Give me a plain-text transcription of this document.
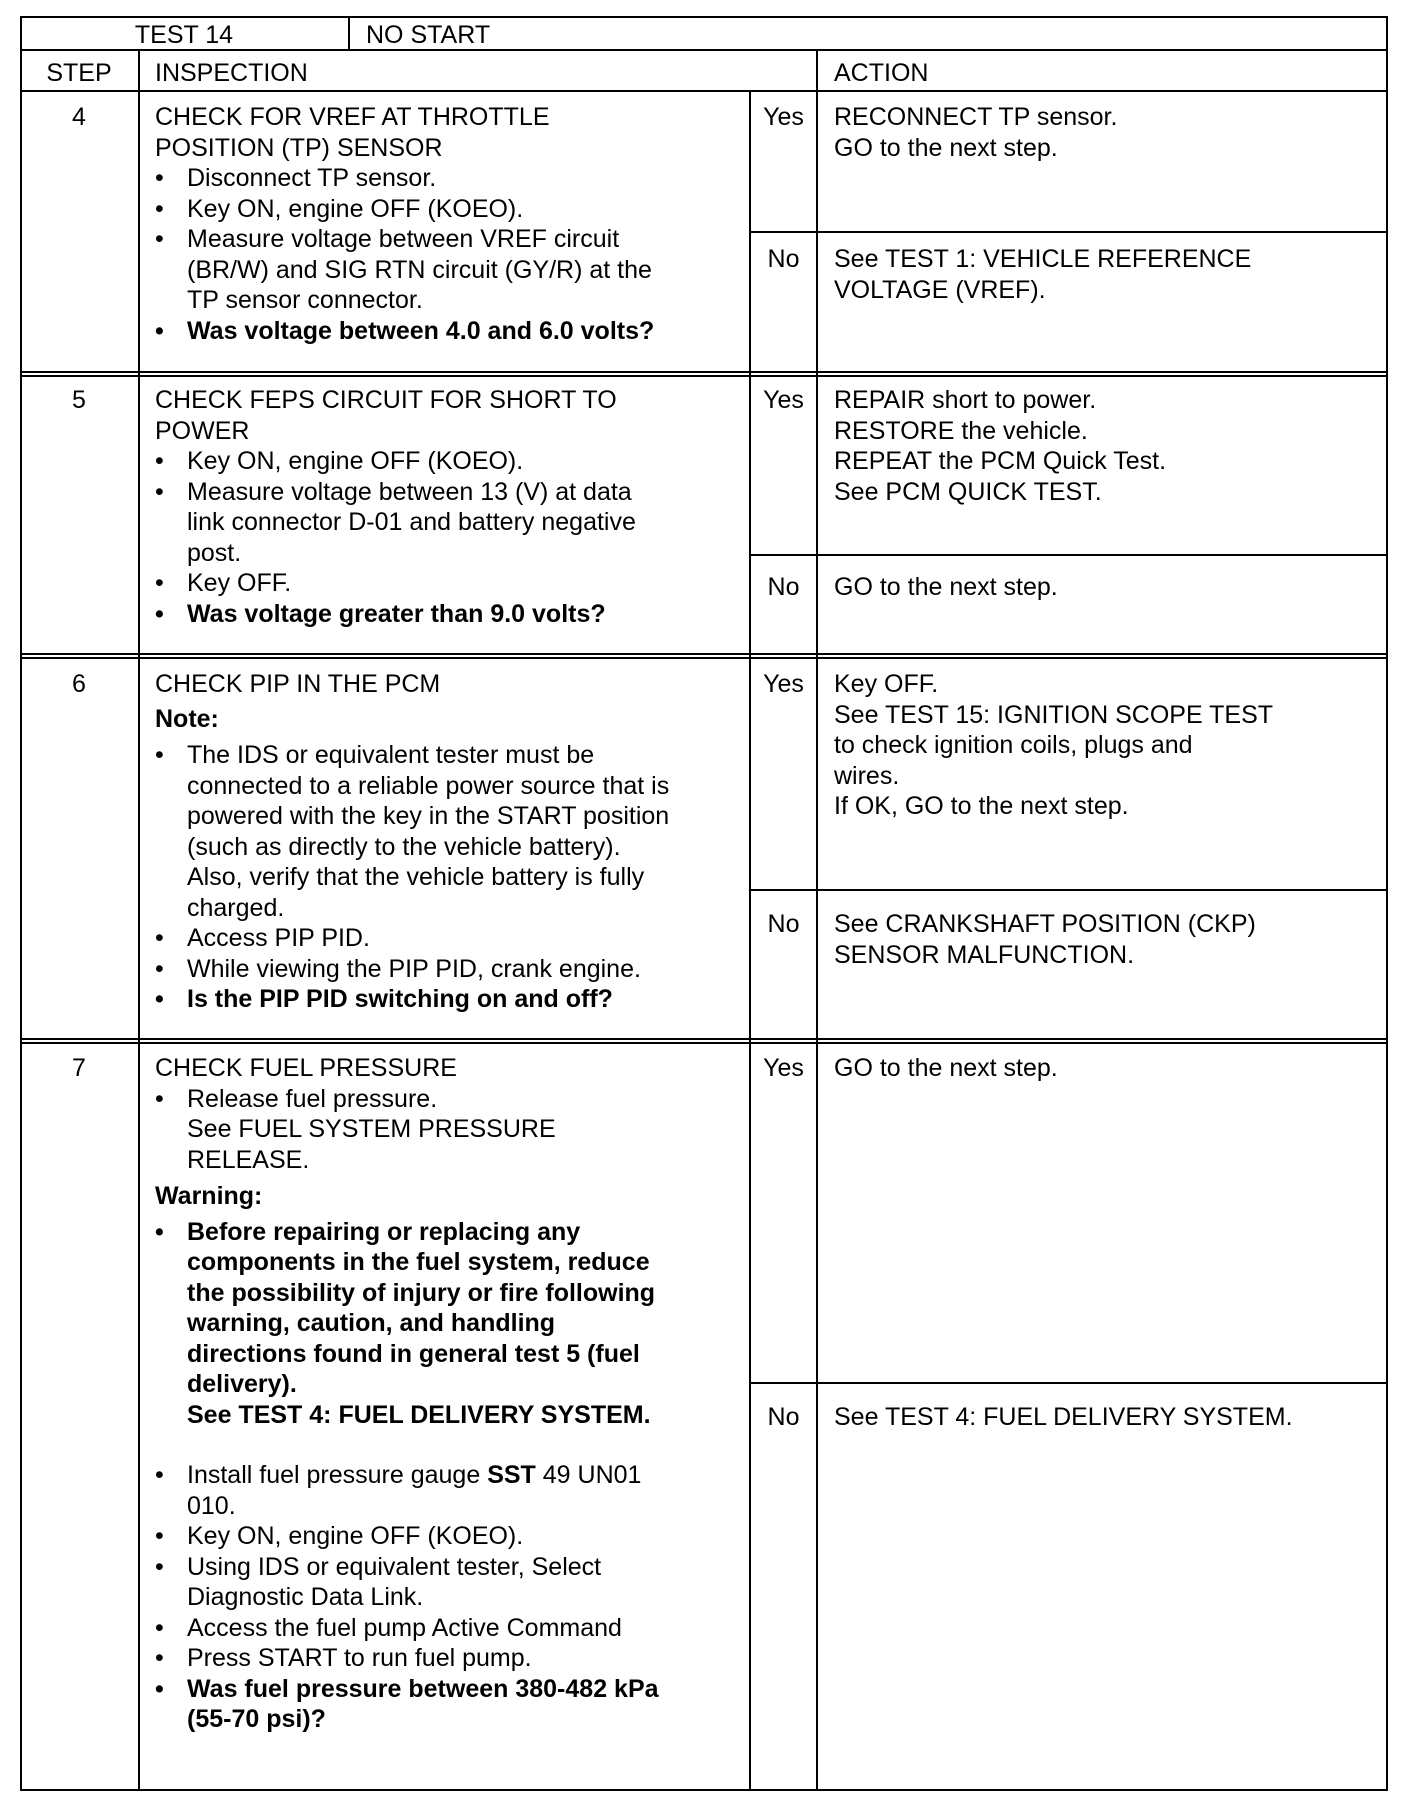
TEST 14	NO START
STEP	INSPECTION	ACTION
4	CHECK FOR VREF AT THROTTLE
POSITION (TP) SENSOR
• Disconnect TP sensor.
• Key ON, engine OFF (KOEO).
• Measure voltage between VREF circuit
(BR/W) and SIG RTN circuit (GY/R) at the
TP sensor connector.
• Was voltage between 4.0 and 6.0 volts?
Yes	RECONNECT TP sensor.
GO to the next step.
No	See TEST 1: VEHICLE REFERENCE
VOLTAGE (VREF).
5	CHECK FEPS CIRCUIT FOR SHORT TO
POWER
• Key ON, engine OFF (KOEO).
• Measure voltage between 13 (V) at data
link connector D-01 and battery negative
post.
• Key OFF.
• Was voltage greater than 9.0 volts?
Yes	REPAIR short to power.
RESTORE the vehicle.
REPEAT the PCM Quick Test.
See PCM QUICK TEST.
No	GO to the next step.
6	CHECK PIP IN THE PCM
Note:
• The IDS or equivalent tester must be
connected to a reliable power source that is
powered with the key in the START position
(such as directly to the vehicle battery).
Also, verify that the vehicle battery is fully
charged.
• Access PIP PID.
• While viewing the PIP PID, crank engine.
• Is the PIP PID switching on and off?
Yes	Key OFF.
See TEST 15: IGNITION SCOPE TEST
to check ignition coils, plugs and
wires.
If OK, GO to the next step.
No	See CRANKSHAFT POSITION (CKP)
SENSOR MALFUNCTION.
7	CHECK FUEL PRESSURE
• Release fuel pressure.
See FUEL SYSTEM PRESSURE
RELEASE.
Warning:
• Before repairing or replacing any
components in the fuel system, reduce
the possibility of injury or fire following
warning, caution, and handling
directions found in general test 5 (fuel
delivery).
See TEST 4: FUEL DELIVERY SYSTEM.
• Install fuel pressure gauge SST 49 UN01
010.
• Key ON, engine OFF (KOEO).
• Using IDS or equivalent tester, Select
Diagnostic Data Link.
• Access the fuel pump Active Command
• Press START to run fuel pump.
• Was fuel pressure between 380-482 kPa
(55-70 psi)?
Yes	GO to the next step.
No	See TEST 4: FUEL DELIVERY SYSTEM.
